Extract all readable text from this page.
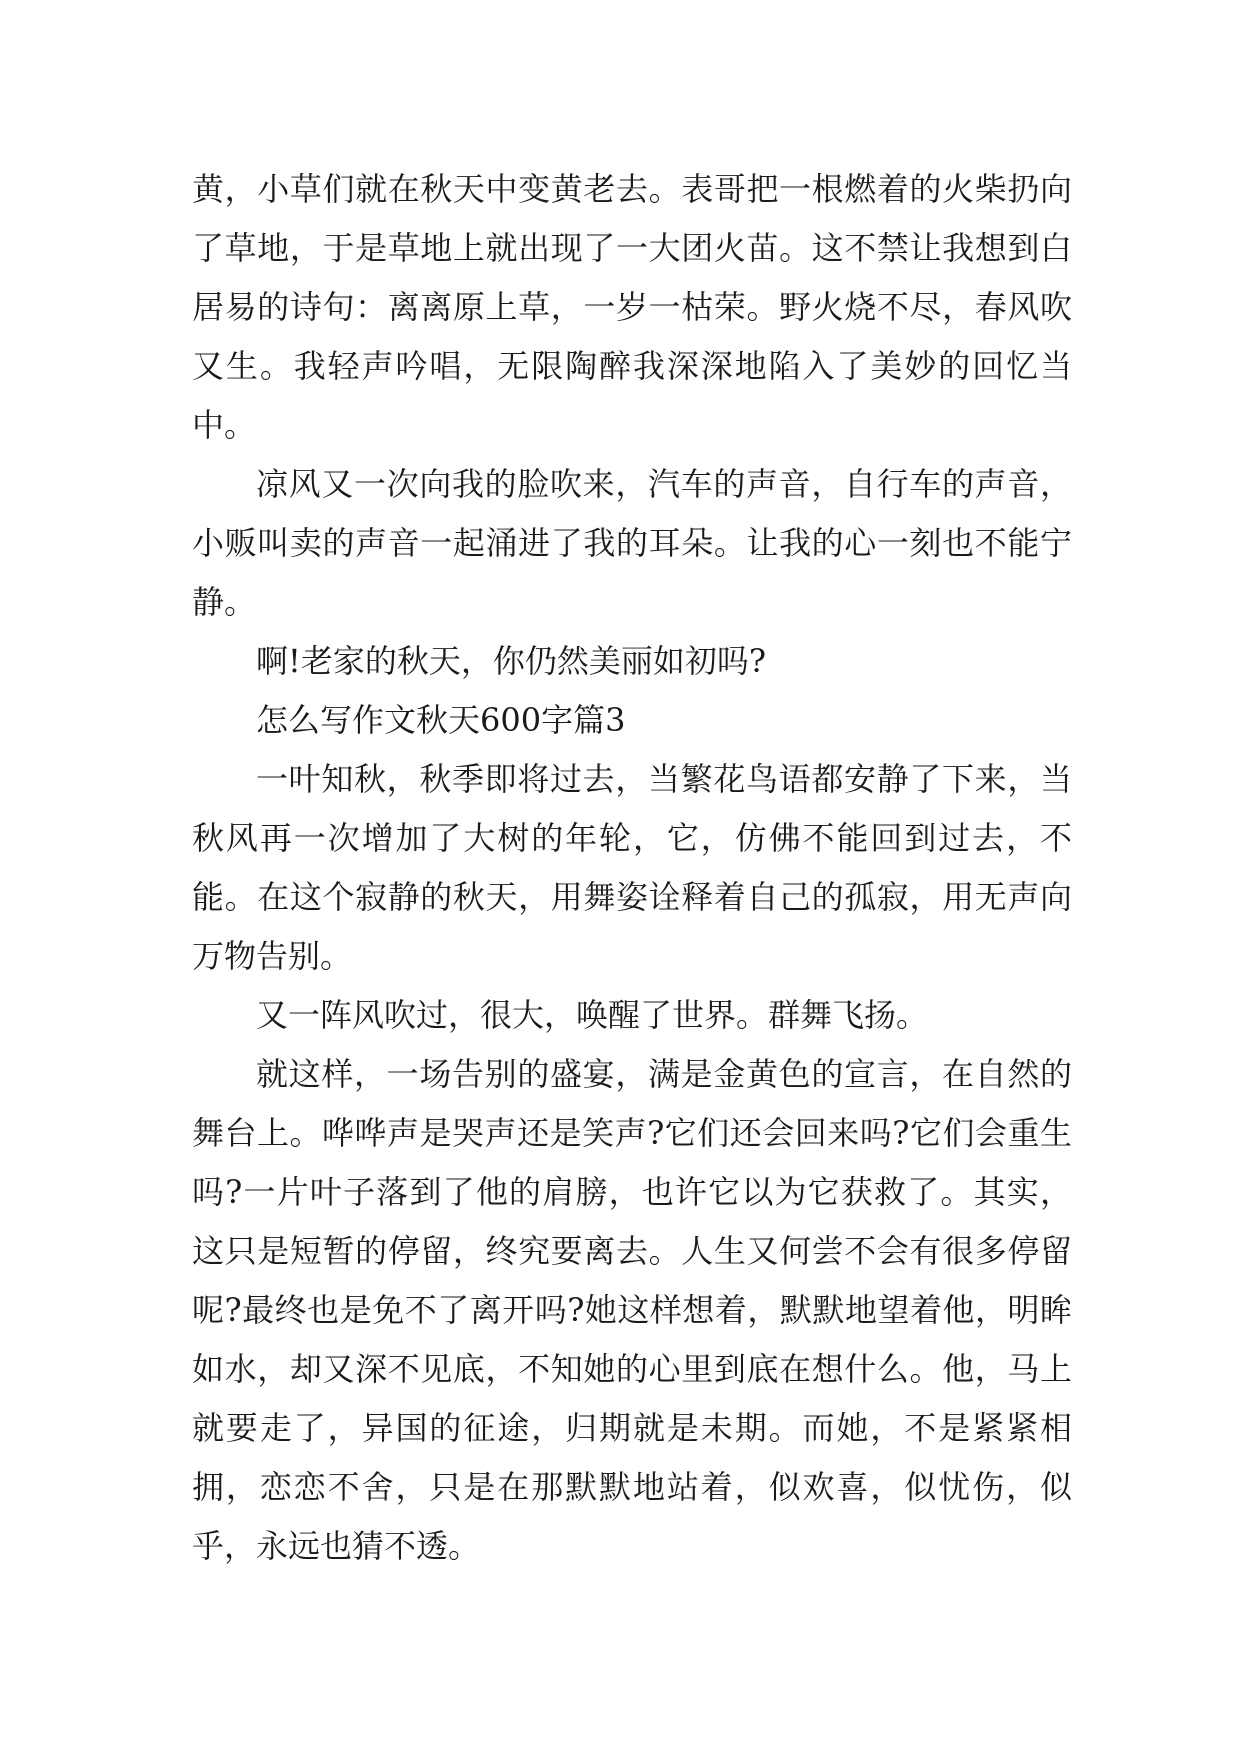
黄，小草们就在秋天中变黄老去。表哥把一根燃着的火柴扔向了草地，于是草地上就出现了一大团火苗。这不禁让我想到白居易的诗句：离离原上草，一岁一枯荣。野火烧不尽，春风吹又生。我轻声吟唱，无限陶醉我深深地陷入了美妙的回忆当中。

凉风又一次向我的脸吹来，汽车的声音，自行车的声音，小贩叫卖的声音一起涌进了我的耳朵。让我的心一刻也不能宁静。

啊!老家的秋天，你仍然美丽如初吗?

怎么写作文秋天600字篇3

一叶知秋，秋季即将过去，当繁花鸟语都安静了下来，当秋风再一次增加了大树的年轮，它，仿佛不能回到过去，不能。在这个寂静的秋天，用舞姿诠释着自己的孤寂，用无声向万物告别。

又一阵风吹过，很大，唤醒了世界。群舞飞扬。

就这样，一场告别的盛宴，满是金黄色的宣言，在自然的舞台上。哗哗声是哭声还是笑声?它们还会回来吗?它们会重生吗?一片叶子落到了他的肩膀，也许它以为它获救了。其实，这只是短暂的停留，终究要离去。人生又何尝不会有很多停留呢?最终也是免不了离开吗?她这样想着，默默地望着他，明眸如水，却又深不见底，不知她的心里到底在想什么。他，马上就要走了，异国的征途，归期就是未期。而她，不是紧紧相拥，恋恋不舍，只是在那默默地站着，似欢喜，似忧伤，似乎，永远也猜不透。
